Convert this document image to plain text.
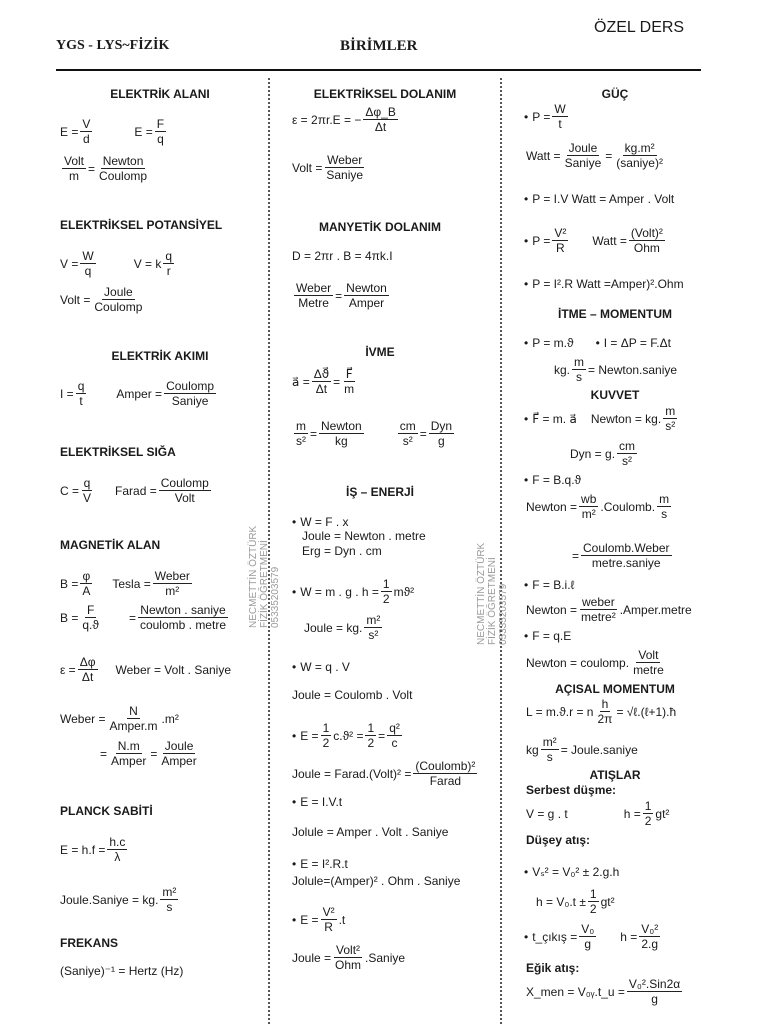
YGS - LYS~FİZİK	BİRİMLER
ÖZEL DERS
NECMETTİN ÖZTÜRK FİZİK ÖĞRETMENİ 05335203579	NECMETTİN ÖZTÜRK FİZİK ÖĞRETMENİ 05335203579
ELEKTRİK ALANI
$E = \frac{V}{d}$	$E = \frac{F}{q}$
Volt
m
=
Newton
Coulomp
ELEKTRİKSEL POTANSİYEL
$V = \frac{W}{q}$	V = k
q
r
Volt =
Joule
Coulomp
ELEKTRİK AKIMI
$I = \frac{q}{t}$	Amper =
Coulomp
Saniye
ELEKTRİKSEL SIĞA
$C = \frac{q}{V}$ Farad =
Coulomp
Volt
MAGNETİK ALAN
$B = \frac{\varphi}{A}$ Tesla =
Weber
m²
$B = \frac{F}{q.ϑ}$ =
Newton . saniye
coulomb . metre
$\varepsilon = \frac{\Delta\varphi}{\Delta t}$ Weber = Volt . Saniye
Weber =
N
Amper.m
.m²
=
N.m
Amper
=
Joule
Amper
PLANCK SABİTİ
$E = h.f = \frac{h.c}{\lambda}$
Joule.Saniye = kg.
m²
s
FREKANS
(Saniye)⁻¹ = Hertz (Hz)
ELEKTRİKSEL DOLANIM
ε = 2πr.E = − $\frac{\Delta\varphi\_B}{\Delta t}$
Volt =
Weber
Saniye
MANYETİK DOLANIM
D = 2πr . B = 4πk.I
Weber
Metre
=
Newton
Amper
İVME
a⃗ = $\frac{\Delta ϑ⃗}{\Delta t} = \frac{F⃗}{m}$
$\frac{m}{\text{s²}}$ =
Newton
kg	$\frac{cm}{\text{s²}}$ =
Dyn
g
İŞ – ENERJİ
• W = F . x
Joule = Newton . metre
Erg = Dyn . cm
•
W = m . g . $h = \frac{1}{2} mϑ^2$
Joule = kg.
m²
s²
• W = q . V
Joule = Coulomb . Volt
•
$E = \frac{1}{2} c.ϑ^2 = \frac{1}{2} = \frac{\text{q²}}{c}$
Joule = Farad.(Volt)² =
(Coulomb)²
Farad
• E = I.V.t
Jolule = Amper . Volt . Saniye
• E = I².R.t
Jolule=(Amper)² . Ohm . Saniye
•
$E = \frac{\text{V²}}{R} .t$
Joule =
Volt²
Ohm
.Saniye
GÜÇ
•
$P = \frac{W}{t}$
Watt =
Joule
Saniye
=
kg.m²
(saniye)²
• P = I.V Watt = Amper . Volt
•
$P = \frac{\text{V²}}{R}$ Watt =
(Volt)²
Ohm
• P = I².R Watt =Amper)².Ohm
İTME – MOMENTUM
•
P = m.ϑ
•	I = ΔP = F.Δt
kg. $\frac{m}{s}$ = Newton.saniye
KUVVET
•
F⃗ = m. a⃗ Newton = kg.
m
s²
Dyn = g.
cm
s²
• F = B.q.ϑ
Newton = $\frac{wb}{\text{m²}}$ .Coulomb.
m
s
=
Coulomb.Weber
metre.saniye
• F = B.i.ℓ
Newton =
weber
metre²
.Amper.metre
• F = q.E
Newton = coulomp.
Volt
metre
AÇISAL MOMENTUM
L = m.ϑ.r = n $\frac{h}{2\pi}$ = √ℓ.(ℓ+1).ħ
kg $\frac{\text{m²}}{s}$ = Joule.saniye
ATIŞLAR
Serbest düşme:
V = g . t	$h = \frac{1}{2} gt^2$
Düşey atış:
• Vₛ² = V₀² ± 2.g.h
$h = V_0.t \pm \frac{1}{2} gt^2$
•
t_çıkış = $\frac{\text{V₀}}{g}$ $h = \frac{\text{V₀²}}{2.g}$
Eğik atış:
X_men = V₀ᵧ.t_u =
V₀².Sin2α
g
